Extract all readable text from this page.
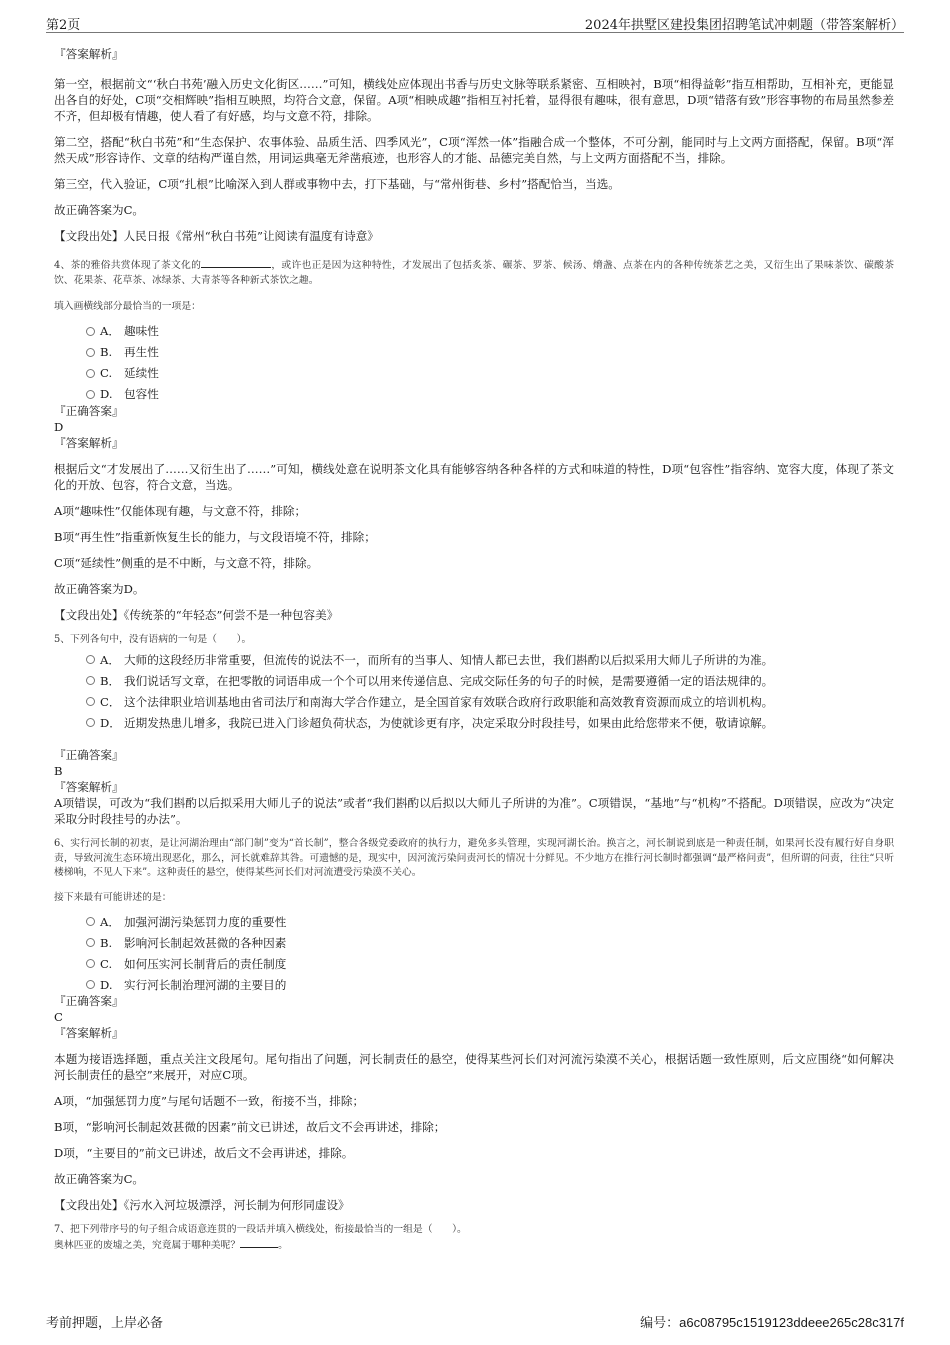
第2页	2024年拱墅区建投集团招聘笔试冲刺题（带答案解析）

『答案解析』

第一空，根据前文“‘秋白书苑’融入历史文化街区……”可知，横线处应体现出书香与历史文脉等联系紧密、互相映衬，B项“相得益彰”指互相帮助，互相补充，更能显出各自的好处，C项“交相辉映”指相互映照，均符合文意，保留。A项“相映成趣”指相互衬托着，显得很有趣味，很有意思，D项“错落有致”形容事物的布局虽然参差不齐，但却极有情趣，使人看了有好感，均与文意不符，排除。

第二空，搭配“秋白书苑”和“生态保护、农事体验、品质生活、四季风光”，C项“浑然一体”指融合成一个整体，不可分割，能同时与上文两方面搭配，保留。B项“浑然天成”形容诗作、文章的结构严谨自然，用词运典毫无斧凿痕迹，也形容人的才能、品德完美自然，与上文两方面搭配不当，排除。

第三空，代入验证，C项“扎根”比喻深入到人群或事物中去，打下基础，与“常州街巷、乡村”搭配恰当，当选。

故正确答案为C。

【文段出处】人民日报《常州“秋白书苑”让阅读有温度有诗意》

4、茶的雅俗共赏体现了茶文化的	，或许也正是因为这种特性，才发展出了包括炙茶、碾茶、罗茶、候汤、熁盏、点茶在内的各种传统茶艺之美，又衍生出了果味茶饮、碳酸茶饮、花果茶、花草茶、冰绿茶、大青茶等各种新式茶饮之趣。

填入画横线部分最恰当的一项是：

A． 趣味性
B.	再生性
C.	延续性
D. 包容性

『正确答案』

D

『答案解析』

根据后文“才发展出了……又衍生出了……”可知，横线处意在说明茶文化具有能够容纳各种各样的方式和味道的特性，D项“包容性”指容纳、宽容大度，体现了茶文化的开放、包容，符合文意，当选。

A项“趣味性”仅能体现有趣，与文意不符，排除；

B项“再生性”指重新恢复生长的能力，与文段语境不符，排除；

C项“延续性”侧重的是不中断，与文意不符，排除。

故正确答案为D。

【文段出处】《传统茶的“年轻态”何尝不是一种包容美》

5、下列各句中，没有语病的一句是（　　）。

A． 大师的这段经历非常重要，但流传的说法不一，而所有的当事人、知情人都已去世，我们斟酌以后拟采用大师儿子所讲的为准。
B． 我们说话写文章，在把零散的词语串成一个个可以用来传递信息、完成交际任务的句子的时候，是需要遵循一定的语法规律的。
C． 这个法律职业培训基地由省司法厅和南海大学合作建立，是全国首家有效联合政府行政职能和高效教育资源而成立的培训机构。
D． 近期发热患儿增多，我院已进入门诊超负荷状态，为使就诊更有序，决定采取分时段挂号，如果由此给您带来不便，敬请谅解。

『正确答案』

B

『答案解析』

A项错误，可改为“我们斟酌以后拟采用大师儿子的说法”或者“我们斟酌以后拟以大师儿子所讲的为准”。C项错误，“基地”与“机构”不搭配。D项错误，应改为“决定采取分时段挂号的办法”。

6、实行河长制的初衷，是让河湖治理由“部门制”变为“首长制”，整合各级党委政府的执行力，避免多头管理，实现河湖长治。换言之，河长制说到底是一种责任制，如果河长没有履行好自身职责，导致河流生态环境出现恶化，那么，河长就难辞其咎。可遗憾的是，现实中，因河流污染问责河长的情况十分鲜见。不少地方在推行河长制时都强调“最严格问责”，但所谓的问责，往往“只听楼梯响，不见人下来”。这种责任的悬空，使得某些河长们对河流遭受污染漠不关心。

接下来最有可能讲述的是：

A． 加强河湖污染惩罚力度的重要性
B.	影响河长制起效甚微的各种因素
C.	如何压实河长制背后的责任制度
D. 实行河长制治理河湖的主要目的

『正确答案』

C

『答案解析』

本题为接语选择题，重点关注文段尾句。尾句指出了问题，河长制责任的悬空，使得某些河长们对河流污染漠不关心，根据话题一致性原则，后文应围绕“如何解决河长制责任的悬空”来展开，对应C项。

A项，“加强惩罚力度”与尾句话题不一致，衔接不当，排除；

B项，“影响河长制起效甚微的因素”前文已讲述，故后文不会再讲述，排除；

D项，“主要目的”前文已讲述，故后文不会再讲述，排除。

故正确答案为C。

【文段出处】《污水入河垃圾漂浮，河长制为何形同虚设》

7、把下列带序号的句子组合成语意连贯的一段话并填入横线处，衔接最恰当的一组是（　　）。

奥林匹亚的废墟之美，究竟属于哪种美呢？	。

考前押题，上岸必备	编号：a6c08795c1519123ddeee265c28c317f
